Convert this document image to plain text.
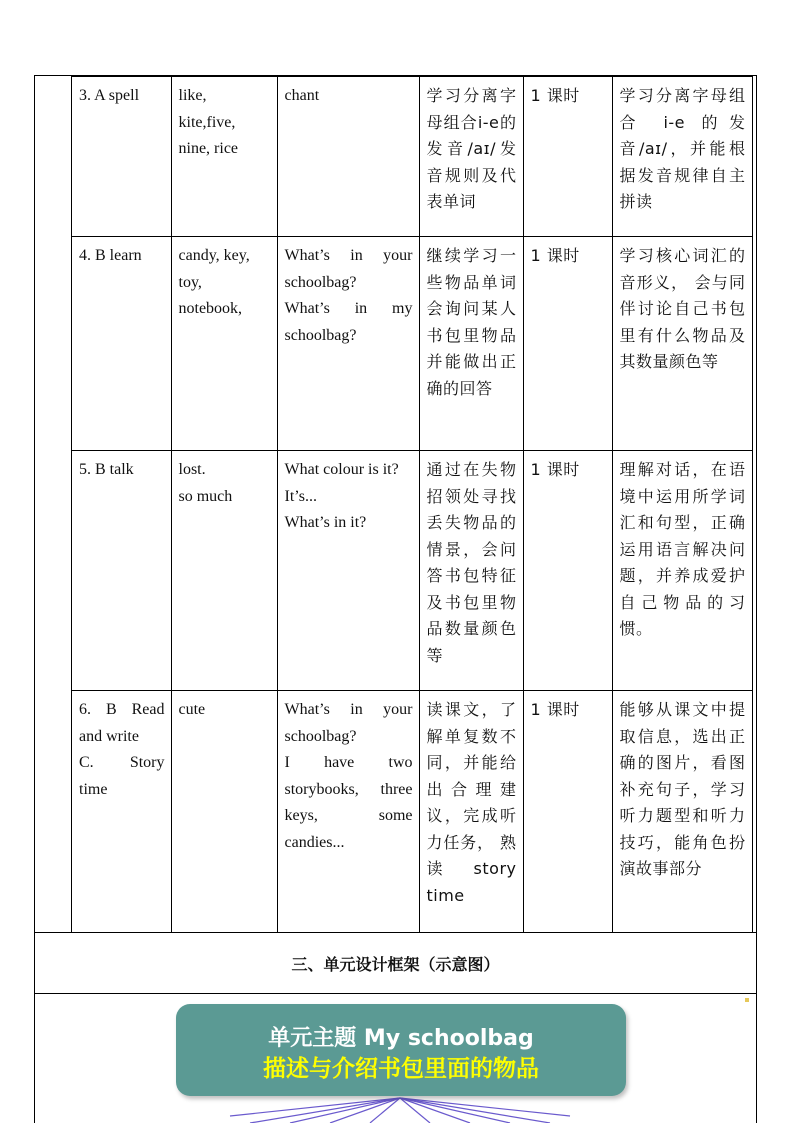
3. A spell	like,
kite,five,
nine, rice	chant	学习分离字母组合i-e的发音/aɪ/发音规则及代表单词	1 课时	学习分离字母组合 i-e 的发音/aɪ/，并能根据发音规律自主拼读

4. B learn	candy, key,
toy,
notebook,	What’s in your schoolbag?
What’s in my schoolbag?	继续学习一些物品单词会询问某人书包里物品并能做出正确的回答	1 课时	学习核心词汇的音形义， 会与同伴讨论自己书包里有什么物品及其数量颜色等

5. B talk	lost.
so much	What colour is it?
It’s...
What’s in it?	通过在失物招领处寻找丢失物品的情景，会问答书包特征及书包里物品数量颜色等	1 课时	理解对话，在语境中运用所学词汇和句型，正确运用语言解决问题，并养成爱护自己物品的习惯。

6. B Read and write
C. Story time	cute	What’s in your schoolbag?
I have two storybooks, three keys, some candies...	读课文，了解单复数不同，并能给出合理建议，完成听力任务， 熟读 story time	1 课时	能够从课文中提取信息，选出正确的图片，看图补充句子，学习听力题型和听力技巧，能角色扮演故事部分
三、单元设计框架（示意图）
单元主题 My schoolbag
描述与介绍书包里面的物品
